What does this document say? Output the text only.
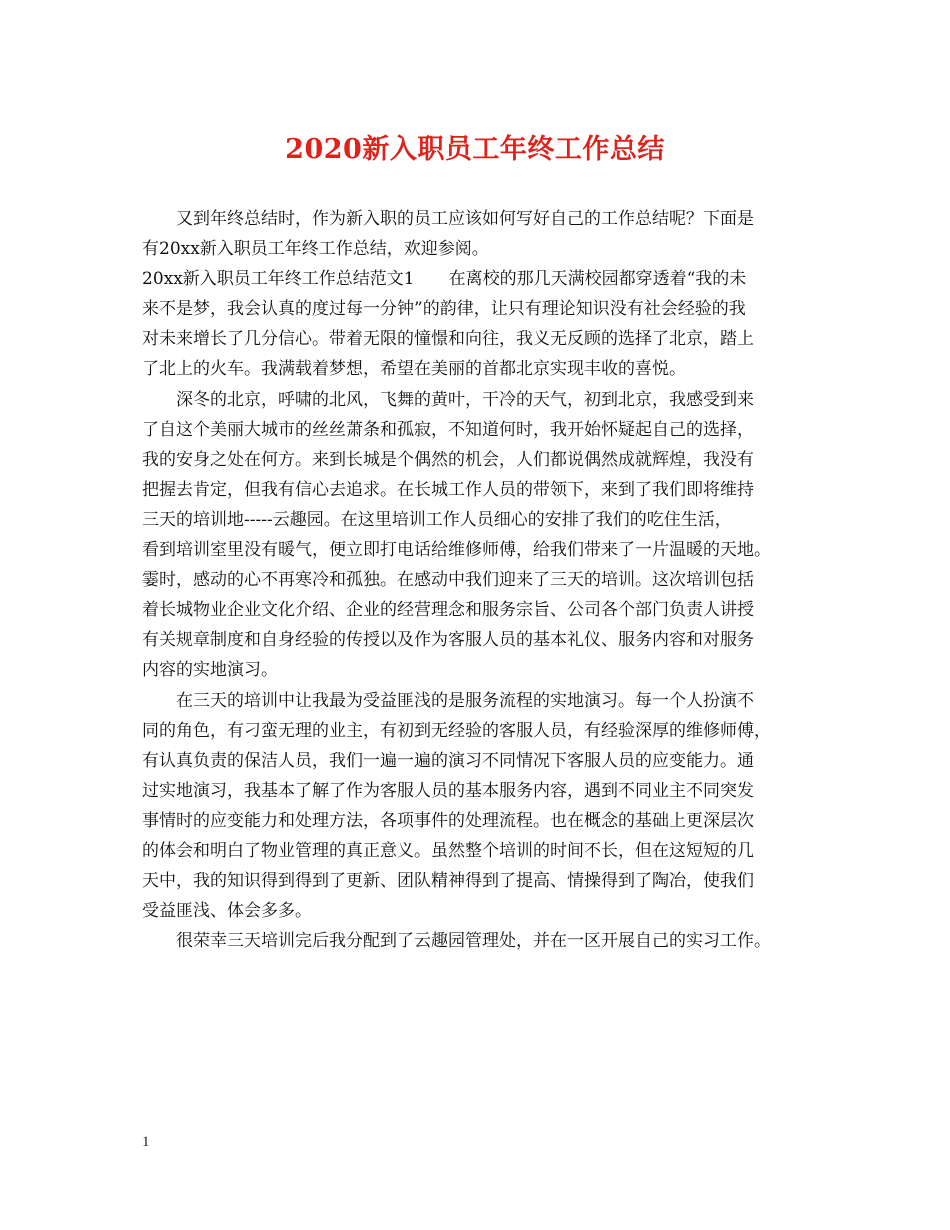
2020新入职员工年终工作总结
又到年终总结时，作为新入职的员工应该如何写好自己的工作总结呢？下面是
有20xx新入职员工年终工作总结，欢迎参阅。
20xx新入职员工年终工作总结范文1　　在离校的那几天满校园都穿透着“我的未
来不是梦，我会认真的度过每一分钟”的韵律，让只有理论知识没有社会经验的我
对未来增长了几分信心。带着无限的憧憬和向往，我义无反顾的选择了北京，踏上
了北上的火车。我满载着梦想，希望在美丽的首都北京实现丰收的喜悦。
深冬的北京，呼啸的北风，飞舞的黄叶，干冷的天气，初到北京，我感受到来
了自这个美丽大城市的丝丝萧条和孤寂，不知道何时，我开始怀疑起自己的选择，
我的安身之处在何方。来到长城是个偶然的机会，人们都说偶然成就辉煌，我没有
把握去肯定，但我有信心去追求。在长城工作人员的带领下，来到了我们即将维持
三天的培训地-----云趣园。在这里培训工作人员细心的安排了我们的吃住生活，
看到培训室里没有暖气，便立即打电话给维修师傅，给我们带来了一片温暖的天地。
霎时，感动的心不再寒冷和孤独。在感动中我们迎来了三天的培训。这次培训包括
着长城物业企业文化介绍、企业的经营理念和服务宗旨、公司各个部门负责人讲授
有关规章制度和自身经验的传授以及作为客服人员的基本礼仪、服务内容和对服务
内容的实地演习。
在三天的培训中让我最为受益匪浅的是服务流程的实地演习。每一个人扮演不
同的角色，有刁蛮无理的业主，有初到无经验的客服人员，有经验深厚的维修师傅，
有认真负责的保洁人员，我们一遍一遍的演习不同情况下客服人员的应变能力。通
过实地演习，我基本了解了作为客服人员的基本服务内容，遇到不同业主不同突发
事情时的应变能力和处理方法，各项事件的处理流程。也在概念的基础上更深层次
的体会和明白了物业管理的真正意义。虽然整个培训的时间不长，但在这短短的几
天中，我的知识得到得到了更新、团队精神得到了提高、情操得到了陶冶，使我们
受益匪浅、体会多多。
很荣幸三天培训完后我分配到了云趣园管理处，并在一区开展自己的实习工作。
1
